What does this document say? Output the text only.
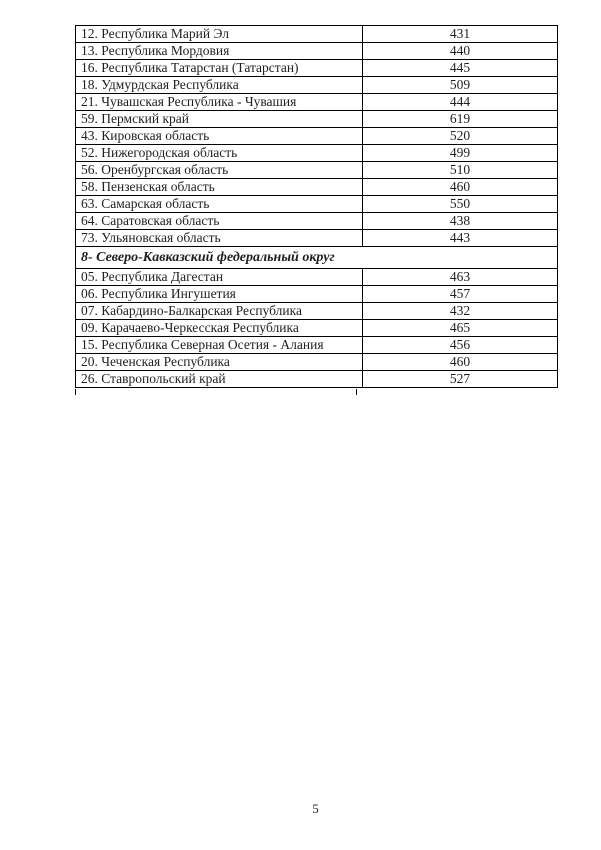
12. Республика Марий Эл	431
13. Республика Мордовия	440
16. Республика Татарстан (Татарстан)	445
18. Удмурдская Республика	509
21. Чувашская Республика - Чувашия	444
59. Пермский край	619
43. Кировская область	520
52. Нижегородская область	499
56. Оренбургская область	510
58. Пензенская область	460
63. Самарская область	550
64. Саратовская область	438
73. Ульяновская область	443
8- Северо-Кавказский федеральный округ	
05. Республика Дагестан	463
06. Республика Ингушетия	457
07. Кабардино-Балкарская Республика	432
09. Карачаево-Черкесская Республика	465
15. Республика Северная Осетия - Алания	456
20. Чеченская Республика	460
26. Ставропольский край	527
5
